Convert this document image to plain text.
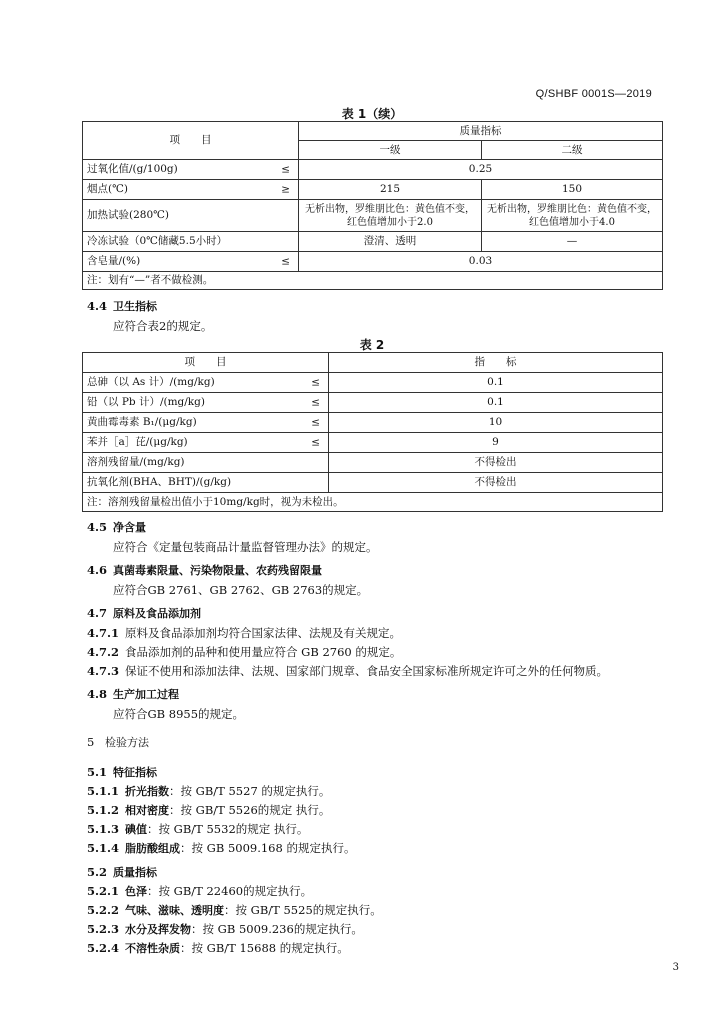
Q/SHBF 0001S—2019
表 1（续）
项　　目	质量指标	
	一级	二级
过氧化值/(g/100g) ≤	0.25	
烟点(℃) ≥	215	150
加热试验(280℃)	无析出物，罗维朋比色：黄色值不变，红色值增加小于2.0	无析出物，罗维朋比色：黄色值不变，红色值增加小于4.0
冷冻试验（0℃储藏5.5小时）	澄清、透明	—
含皂量/(%) ≤	0.03	
注：划有“—”者不做检测。		
4.4 卫生指标
应符合表2的规定。
表 2
项　　目	指　　标
总砷（以 As 计）/(mg/kg) ≤	0.1
铅（以 Pb 计）/(mg/kg) ≤	0.1
黄曲霉毒素 B₁/(μg/kg) ≤	10
苯并［a］芘/(μg/kg) ≤	9
溶剂残留量/(mg/kg)	不得检出
抗氧化剂(BHA、BHT)/(g/kg)	不得检出
注：溶剂残留量检出值小于10mg/kg时，视为未检出。	
4.5 净含量
应符合《定量包装商品计量监督管理办法》的规定。
4.6 真菌毒素限量、污染物限量、农药残留限量
应符合GB 2761、GB 2762、GB 2763的规定。
4.7 原料及食品添加剂
4.7.1 原料及食品添加剂均符合国家法律、法规及有关规定。
4.7.2 食品添加剂的品种和使用量应符合 GB 2760 的规定。
4.7.3 保证不使用和添加法律、法规、国家部门规章、食品安全国家标准所规定许可之外的任何物质。
4.8 生产加工过程
应符合GB 8955的规定。
5 检验方法
5.1 特征指标
5.1.1 折光指数：按 GB/T 5527 的规定执行。
5.1.2 相对密度：按 GB/T 5526的规定 执行。
5.1.3 碘值：按 GB/T 5532的规定 执行。
5.1.4 脂肪酸组成：按 GB 5009.168 的规定执行。
5.2 质量指标
5.2.1 色泽：按 GB/T 22460的规定执行。
5.2.2 气味、滋味、透明度：按 GB/T 5525的规定执行。
5.2.3 水分及挥发物：按 GB 5009.236的规定执行。
5.2.4 不溶性杂质：按 GB/T 15688 的规定执行。
3
